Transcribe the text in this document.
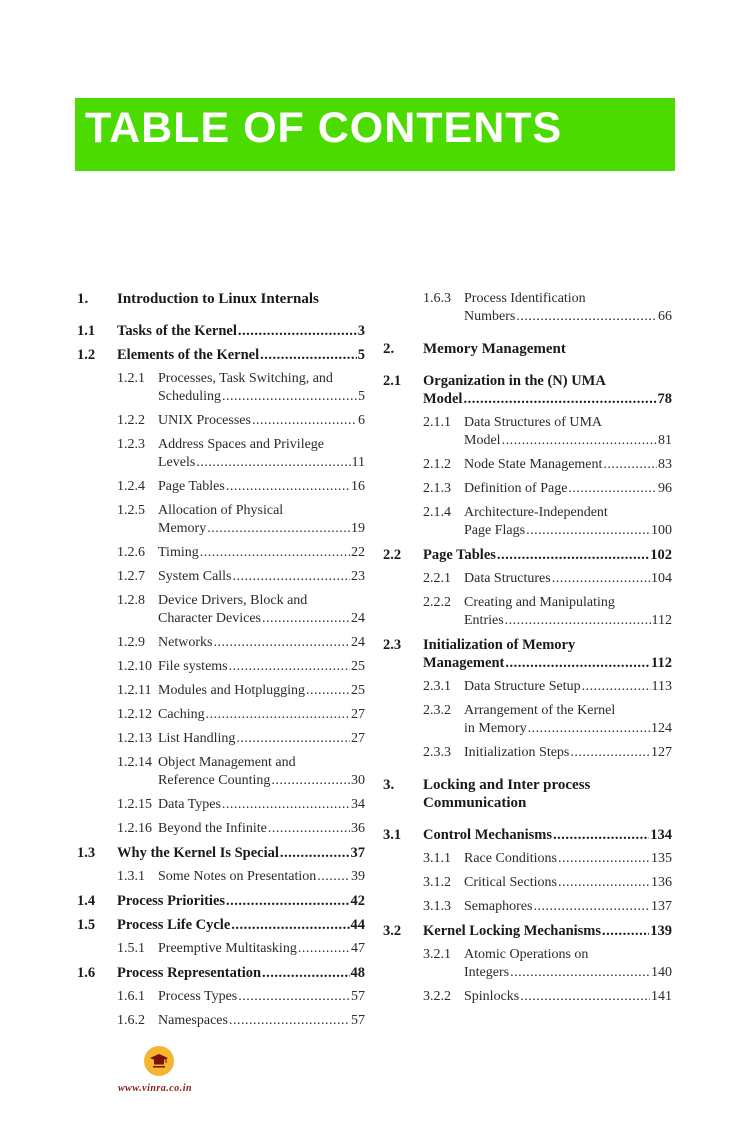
TABLE OF CONTENTS
1.	Introduction to Linux Internals
1.1 Tasks of the Kernel .....	3
1.2 Elements of the Kernel .....	5
1.2.1 Processes, Task Switching, and
Scheduling .....	5
1.2.2 UNIX Processes .....	6
1.2.3 Address Spaces and Privilege
Levels .....	11
1.2.4 Page Tables .....	16
1.2.5 Allocation of Physical
Memory .....	19
1.2.6 Timing .....	22
1.2.7 System Calls .....	23
1.2.8 Device Drivers, Block and
Character Devices .....	24
1.2.9 Networks .....	24
1.2.10 File systems .....	25
1.2.11 Modules and Hotplugging .....	25
1.2.12 Caching .....	27
1.2.13 List Handling .....	27
1.2.14 Object Management and
Reference Counting .....	30
1.2.15 Data Types .....	34
1.2.16 Beyond the Infinite .....	36
1.3 Why the Kernel Is Special .....	37
1.3.1 Some Notes on Presentation ..... 39
1.4 Process Priorities .....	42
1.5 Process Life Cycle .....	44
1.5.1 Preemptive Multitasking .....	47
1.6 Process Representation .....	48
1.6.1 Process Types .....	57
1.6.2 Namespaces .....	57
1.6.3 Process Identification
Numbers .....	66
2.	Memory Management
2.1 Organization in the (N) UMA
Model .....	78
2.1.1 Data Structures of UMA
Model .....	81
2.1.2 Node State Management .....	83
2.1.3 Definition of Page .....	96
2.1.4 Architecture-Independent
Page Flags .....	100
2.2 Page Tables .....	102
2.2.1 Data Structures .....	104
2.2.2 Creating and Manipulating
Entries .....	112
2.3 Initialization of Memory
Management .....	112
2.3.1 Data Structure Setup .....	113
2.3.2 Arrangement of the Kernel
in Memory .....	124
2.3.3 Initialization Steps .....	127
3.	Locking and Inter process
Communication
3.1 Control Mechanisms .....	134
3.1.1 Race Conditions .....	135
3.1.2 Critical Sections .....	136
3.1.3 Semaphores .....	137
3.2 Kernel Locking Mechanisms .....	139
3.2.1 Atomic Operations on
Integers .....	140
3.2.2 Spinlocks .....	141
www.vinra.co.in
